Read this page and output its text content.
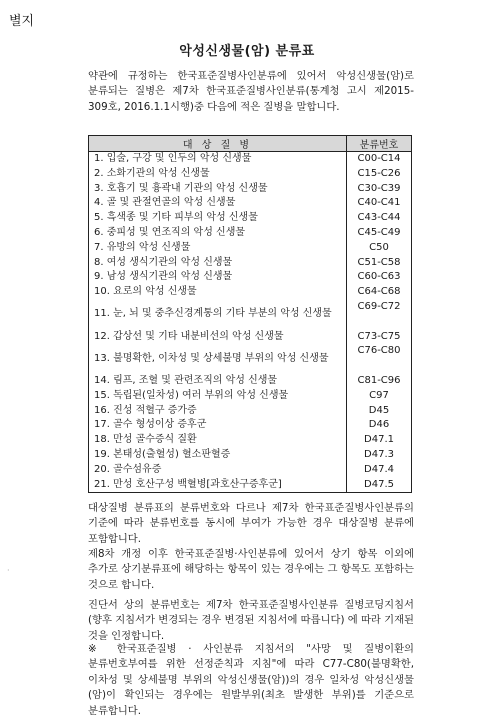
별지
악성신생물(암) 분류표
약관에 규정하는 한국표준질병사인분류에 있어서 악성신생물(암)로 분류되는 질병은 제7차 한국표준질병사인분류(통계청 고시 제2015-309호, 2016.1.1시행)중 다음에 적은 질병을 말합니다.
대 상 질 병	분류번호
1. 입술, 구강 및 인두의 악성 신생물	C00-C14
2. 소화기관의 악성 신생물	C15-C26
3. 호흡기 및 흉곽내 기관의 악성 신생물	C30-C39
4. 골 및 관절연골의 악성 신생물	C40-C41
5. 흑색종 및 기타 피부의 악성 신생물	C43-C44
6. 중피성 및 연조직의 악성 신생물	C45-C49
7. 유방의 악성 신생물	C50
8. 여성 생식기관의 악성 신생물	C51-C58
9. 남성 생식기관의 악성 신생물	C60-C63
10. 요로의 악성 신생물	C64-C68
11. 눈, 뇌 및 중추신경계통의 기타 부분의 악성 신생물	C69-C72
12. 갑상선 및 기타 내분비선의 악성 신생물	C73-C75
13. 불명확한, 이차성 및 상세불명 부위의 악성 신생물	C76-C80
14. 림프, 조혈 및 관련조직의 악성 신생물	C81-C96
15. 독립된(일차성) 여러 부위의 악성 신생물	C97
16. 진성 적혈구 증가증	D45
17. 골수 형성이상 증후군	D46
18. 만성 골수증식 질환	D47.1
19. 본태성(출혈성) 혈소판혈증	D47.3
20. 골수섬유증	D47.4
21. 만성 호산구성 백혈병[과호산구증후군]	D47.5
대상질병 분류표의 분류번호와 다르나 제7차 한국표준질병사인분류의 기준에 따라 분류번호를 동시에 부여가 가능한 경우 대상질병 분류에 포함합니다.
·
제8차 개정 이후 한국표준질병·사인분류에 있어서 상기 항목 이외에 추가로 상기분류표에 해당하는 항목이 있는 경우에는 그 항목도 포함하는 것으로 합니다.
진단서 상의 분류번호는 제7차 한국표준질병사인분류 질병코딩지침서(향후 지침서가 변경되는 경우 변경된 지침서에 따릅니다) 에 따라 기재된 것을 인정합니다.
※ 한국표준질병 · 사인분류 지침서의 "사망 및 질병이환의 분류번호부여를 위한 선정준칙과 지침"에 따라 C77-C80(불명확한, 이차성 및 상세불명 부위의 악성신생물(암))의 경우 일차성 악성신생물(암)이 확인되는 경우에는 원발부위(최초 발생한 부위)를 기준으로 분류합니다.
